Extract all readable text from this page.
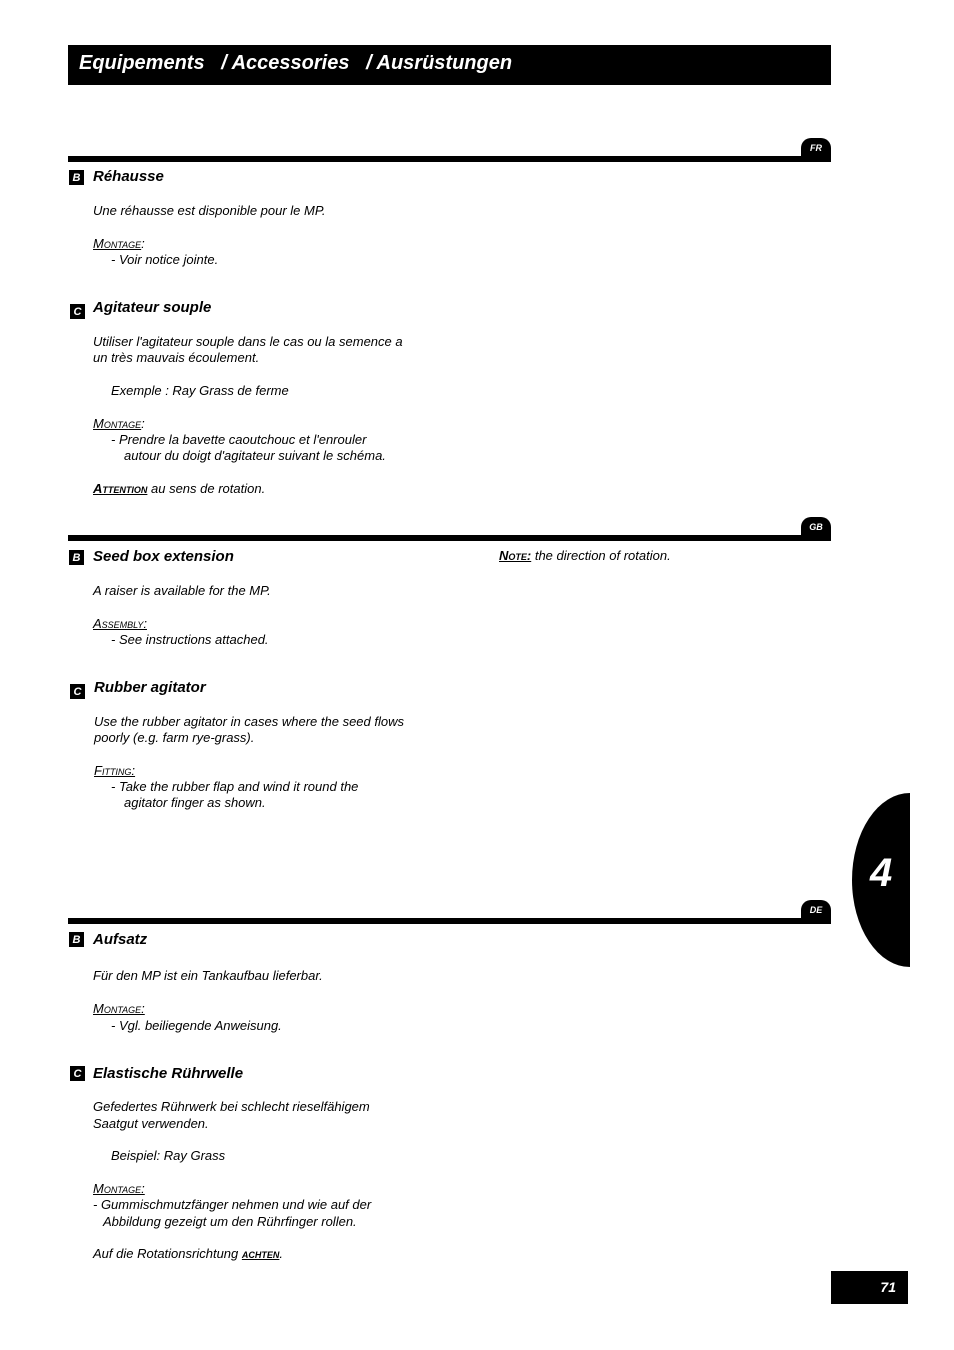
Equipements   / Accessories   / Ausrüstungen
FR
B Réhausse
Une réhausse est disponible pour le MP.
Montage:
- Voir notice jointe.
C Agitateur souple
Utiliser l'agitateur souple dans le cas ou la semence a
un très mauvais écoulement.
Exemple : Ray Grass de ferme
Montage:
- Prendre la bavette caoutchouc et l'enrouler
autour du doigt d'agitateur suivant le schéma.
Attention au sens de rotation.
GB
B Seed box extension	Note: the direction of rotation.
A raiser is available for the MP.
Assembly:
- See instructions attached.
C Rubber agitator
Use the rubber agitator in cases where the seed flows
poorly (e.g. farm rye-grass).
Fitting:
- Take the rubber flap and wind it round the
agitator finger as shown.
4
DE
B Aufsatz
Für den MP ist ein Tankaufbau lieferbar.
Montage:
- Vgl. beiliegende Anweisung.
C Elastische Rührwelle
Gefedertes Rührwerk bei schlecht rieselfähigem
Saatgut verwenden.
Beispiel: Ray Grass
Montage:
- Gummischmutzfänger nehmen und wie auf der
Abbildung gezeigt um den Rührfinger rollen.
Auf die Rotationsrichtung achten.
71
